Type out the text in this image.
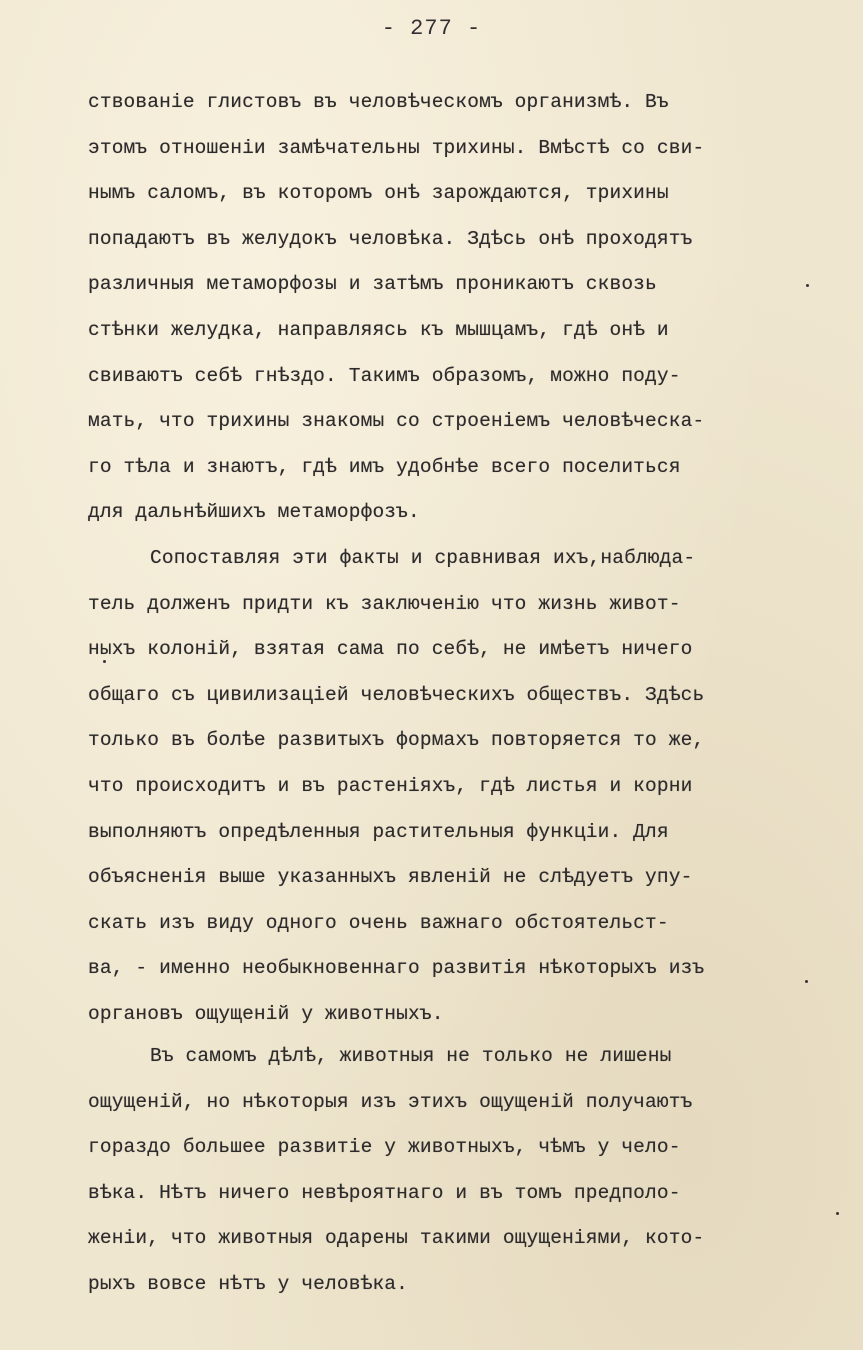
- 277 -
ствованіе глистовъ въ человѣческомъ организмѣ. Въ
этомъ отношеніи замѣчательны трихины. Вмѣстѣ со сви-
нымъ саломъ, въ которомъ онѣ зарождаются, трихины
попадаютъ въ желудокъ человѣка. Здѣсь онѣ проходятъ
различныя метаморфозы и затѣмъ проникаютъ сквозь
стѣнки желудка, направляясь къ мышцамъ, гдѣ онѣ и
свиваютъ себѣ гнѣздо. Такимъ образомъ, можно поду-
мать, что трихины знакомы со строеніемъ человѣческа-
го тѣла и знаютъ, гдѣ имъ удобнѣе всего поселиться
для дальнѣйшихъ метаморфозъ.
Сопоставляя эти факты и сравнивая ихъ,наблюда-
тель долженъ придти къ заключенію что жизнь живот-
ныхъ колоній, взятая сама по себѣ, не имѣетъ ничего
общаго съ цивилизаціей человѣческихъ обществъ. Здѣсь
только въ болѣе развитыхъ формахъ повторяется то же,
что происходитъ и въ растеніяхъ, гдѣ листья и корни
выполняютъ опредѣленныя растительныя функціи. Для
объясненія выше указанныхъ явленій не слѣдуетъ упу-
скать изъ виду одного очень важнаго обстоятельст-
ва, - именно необыкновеннаго развитія нѣкоторыхъ изъ
органовъ ощущеній у животныхъ.
Въ самомъ дѣлѣ, животныя не только не лишены
ощущеній, но нѣкоторыя изъ этихъ ощущеній получаютъ
гораздо большее развитіе у животныхъ, чѣмъ у чело-
вѣка. Нѣтъ ничего невѣроятнаго и въ томъ предполо-
женіи, что животныя одарены такими ощущеніями, кото-
рыхъ вовсе нѣтъ у человѣка.
